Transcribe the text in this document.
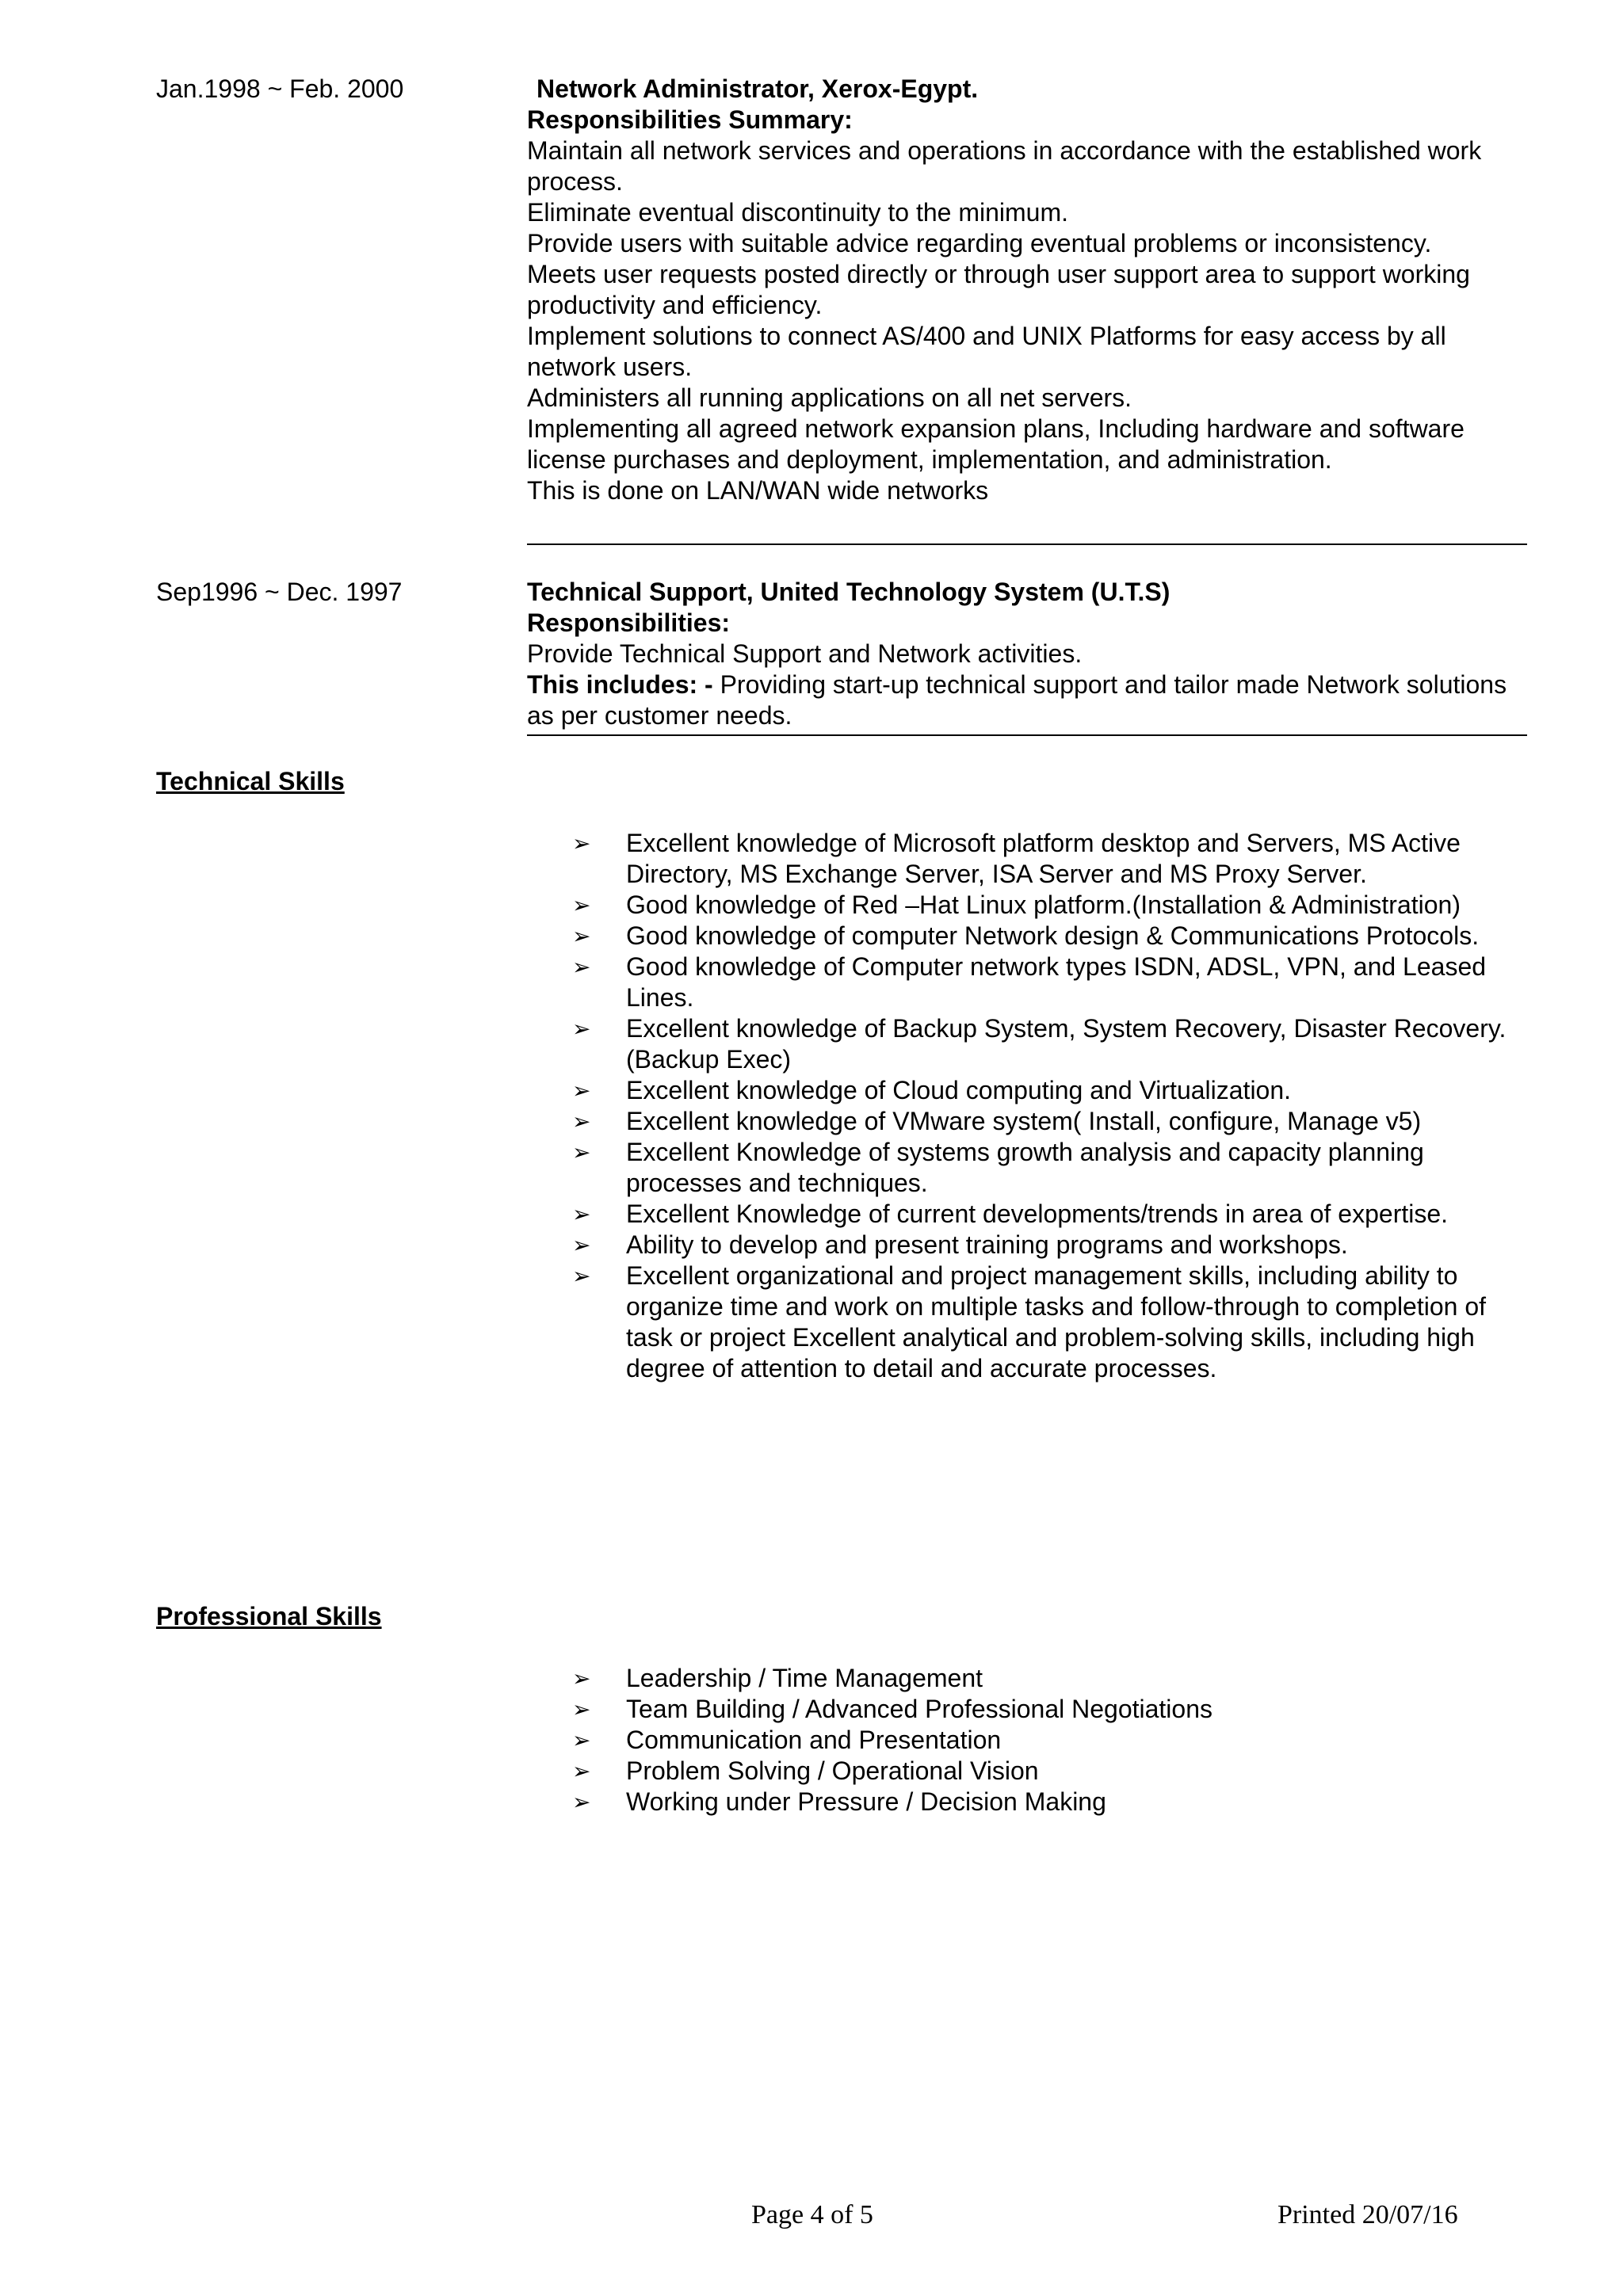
Jan.1998 ~ Feb. 2000	Network Administrator, Xerox-Egypt.
Responsibilities Summary:
Maintain all network services and operations in accordance with the established work process.
Eliminate eventual discontinuity to the minimum.
Provide users with suitable advice regarding eventual problems or inconsistency.
Meets user requests posted directly or through user support area to support working productivity and efficiency.
Implement solutions to connect AS/400 and UNIX Platforms for easy access by all network users.
Administers all running applications on all net servers.
Implementing all agreed network expansion plans, Including hardware and software license purchases and deployment, implementation, and administration.
This is done on LAN/WAN wide networks
Sep1996 ~ Dec. 1997	Technical Support, United Technology System (U.T.S)
Responsibilities:
Provide Technical Support and Network activities.
This includes: - Providing start-up technical support and tailor made Network solutions as per customer needs.
Technical Skills
➢	Excellent knowledge of Microsoft platform desktop and Servers, MS Active Directory, MS Exchange Server, ISA Server and MS Proxy Server.
➢	Good knowledge of Red –Hat Linux platform.(Installation & Administration)
➢	Good knowledge of computer Network design & Communications Protocols.
➢	Good knowledge of Computer network types ISDN, ADSL, VPN, and Leased Lines.
➢	Excellent knowledge of Backup System, System Recovery, Disaster Recovery. (Backup Exec)
➢	Excellent knowledge of Cloud computing and Virtualization.
➢	Excellent knowledge of VMware system( Install, configure, Manage v5)
➢	Excellent Knowledge of systems growth analysis and capacity planning processes and techniques.
➢	Excellent Knowledge of current developments/trends in area of expertise.
➢	Ability to develop and present training programs and workshops.
➢	Excellent organizational and project management skills, including ability to organize time and work on multiple tasks and follow-through to completion of task or project Excellent analytical and problem-solving skills, including high degree of attention to detail and accurate processes.
Professional Skills
➢	Leadership / Time Management
➢	Team Building / Advanced Professional Negotiations
➢	Communication and Presentation
➢	Problem Solving / Operational Vision
➢	Working under Pressure / Decision Making
Page 4 of 5	Printed 20/07/16
